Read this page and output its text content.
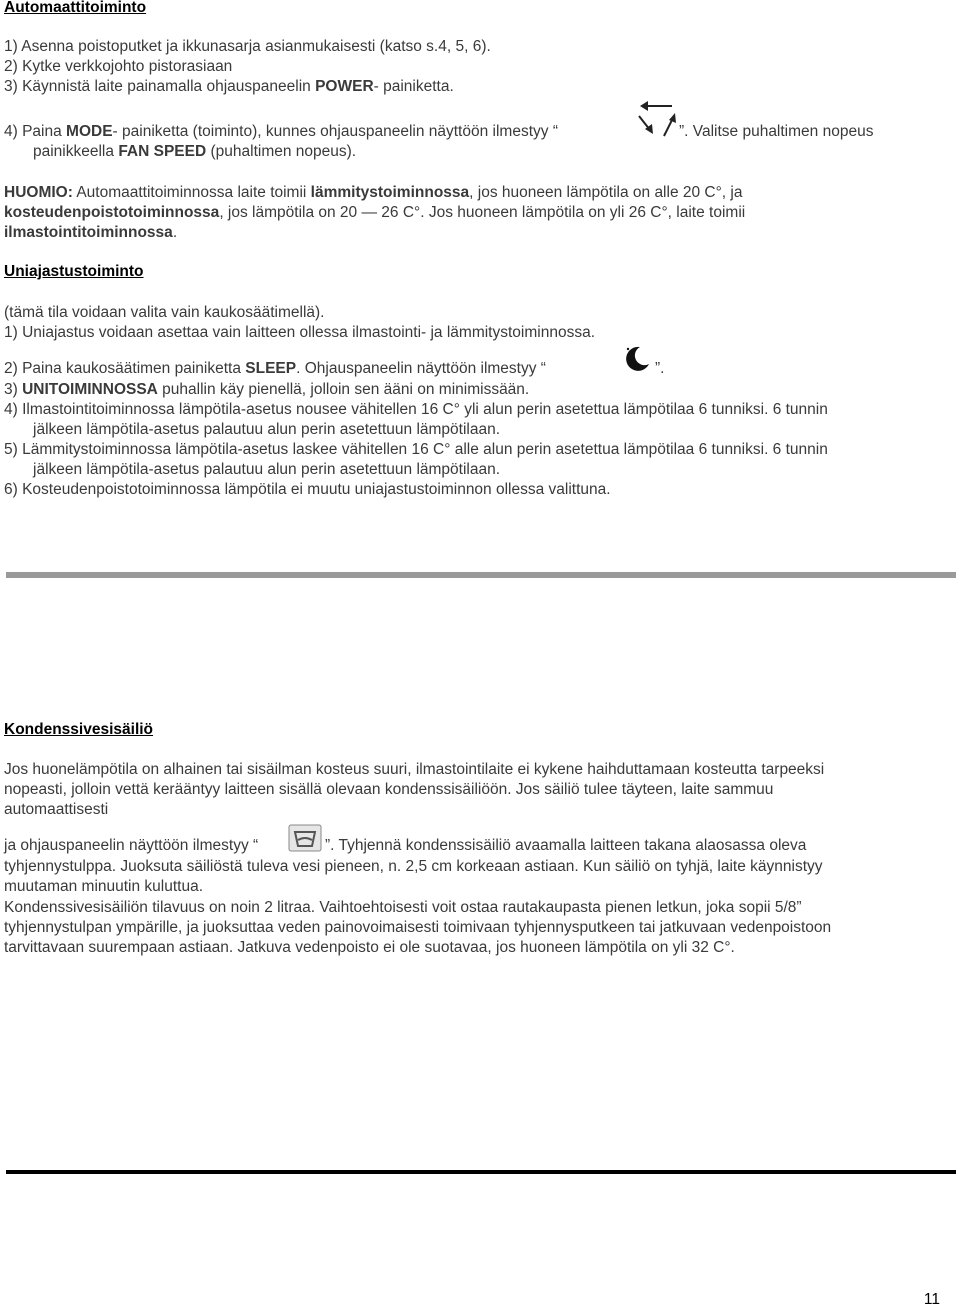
Automaattitoiminto
1) Asenna poistoputket ja ikkunasarja asianmukaisesti (katso s.4, 5, 6).
2) Kytke verkkojohto pistorasiaan
3) Käynnistä laite painamalla ohjauspaneelin POWER- painiketta.
4) Paina MODE- painiketta (toiminto), kunnes ohjauspaneelin näyttöön ilmestyy “	”. Valitse puhaltimen nopeus
painikkeella FAN SPEED (puhaltimen nopeus).
HUOMIO: Automaattitoiminnossa laite toimii lämmitystoiminnossa, jos huoneen lämpötila on alle 20 C°, ja
kosteudenpoistotoiminnossa, jos lämpötila on 20 — 26 C°. Jos huoneen lämpötila on yli 26 C°, laite toimii
ilmastointitoiminnossa.
Uniajastustoiminto
(tämä tila voidaan valita vain kaukosäätimellä).
1) Uniajastus voidaan asettaa vain laitteen ollessa ilmastointi- ja lämmitystoiminnossa.
2) Paina kaukosäätimen painiketta SLEEP. Ohjauspaneelin näyttöön ilmestyy “	”.
3) UNITOIMINNOSSA puhallin käy pienellä, jolloin sen ääni on minimissään.
4) Ilmastointitoiminnossa lämpötila-asetus nousee vähitellen 16 C° yli alun perin asetettua lämpötilaa 6 tunniksi. 6 tunnin
jälkeen lämpötila-asetus palautuu alun perin asetettuun lämpötilaan.
5) Lämmitystoiminnossa lämpötila-asetus laskee vähitellen 16 C° alle alun perin asetettua lämpötilaa 6 tunniksi. 6 tunnin
jälkeen lämpötila-asetus palautuu alun perin asetettuun lämpötilaan.
6) Kosteudenpoistotoiminnossa lämpötila ei muutu uniajastustoiminnon ollessa valittuna.
Kondenssivesisäiliö
Jos huonelämpötila on alhainen tai sisäilman kosteus suuri, ilmastointilaite ei kykene haihduttamaan kosteutta tarpeeksi
nopeasti, jolloin vettä kerääntyy laitteen sisällä olevaan kondenssisäiliöön. Jos säiliö tulee täyteen, laite sammuu
automaattisesti
ja ohjauspaneelin näyttöön ilmestyy “	”. Tyhjennä kondenssisäiliö avaamalla laitteen takana alaosassa oleva
tyhjennystulppa. Juoksuta säiliöstä tuleva vesi pieneen, n. 2,5 cm korkeaan astiaan. Kun säiliö on tyhjä, laite käynnistyy
muutaman minuutin kuluttua.
Kondenssivesisäiliön tilavuus on noin 2 litraa. Vaihtoehtoisesti voit ostaa rautakaupasta pienen letkun, joka sopii 5/8”
tyhjennystulpan ympärille, ja juoksuttaa veden painovoimaisesti toimivaan tyhjennysputkeen tai jatkuvaan vedenpoistoon
tarvittavaan suurempaan astiaan. Jatkuva vedenpoisto ei ole suotavaa, jos huoneen lämpötila on yli 32 C°.
11
